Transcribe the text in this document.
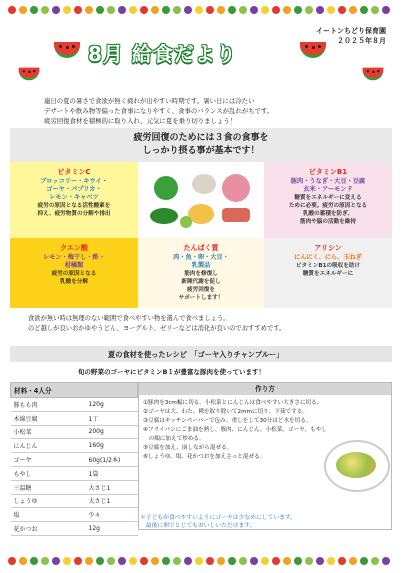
イートンちどり保育園
２０２５年８月
8月 給食だより
連日の夏の暑さで食欲が無く疲れが出やすい時期です。暑い日には冷たい
デザートや飲み物等偏った食事になりやすく、食事のバランスが乱れがちです。
疲労回復食材を積極的に取り入れ、元気に夏を乗り切りましょう！
疲労回復のためには３食の食事を
しっかり摂る事が基本です！
ビタミンC
ブロッコリー・キウイ・
ゴーヤ・パプリカ・
レモン・キャベツ
疲労の原因となる活性酸素を
抑え、疲労物質の分解や排出
ビタミンB1
豚肉・うなぎ・大豆・豆腐
玄米・アーモンド
糖質をエネルギーに変える
ために必要。疲労の原因となる
乳酸の蓄積を防ぎ、
筋肉や脳の活動を維持
クエン酸
レモン・梅干し・酢・
柑橘類
疲労の原因となる
乳酸を分解
たんぱく質
肉・魚・卵・大豆・
乳製品
筋肉を修復し
新陳代謝を促し
疲労回復を
サポートします！
アリシン
にんにく、にら、玉ねぎ
ビタミンB1の吸収を助け
糖質をエネルギーに
食欲が無い時は無理のない範囲で食べやすい物を選んで食べましょう。
のど越しが良いおかゆやうどん、ヨーグルト、ゼリーなどは消化が良いのでおすすめです。
夏の食材を使ったレシピ　「ゴーヤ入りチャンプルー」
旬の野菜のゴーヤにビタミンB１が豊富な豚肉を使っています！
材料・4人分	
豚もも肉	120g
木綿豆腐	1丁
小松菜	200g
にんじん	160g
ゴーヤ	60g(1/2本)
もやし	1袋
三温糖	大さじ1
しょうゆ	大さじ1
塩	少々
花かつお	12g
作り方
①豚肉を3cm幅に切る。小松菜とにんじんは食べやすい大きさに切る。
②ゴーヤは大、わた、種を取り除いて2mmに切り、下茹でする。
③豆腐はキッチンペーパーで包み、重しをして30分ほど水を切る。
④フライパンにごま油を熱し、豚肉、にんじん、小松菜、ゴーヤ、もやし
　の順に加えて炒める。
⑤豆腐を加え、崩しながら混ぜる。
⑥しょうゆ、塩、花かつおを加えさっと混ぜる。
＊子どもが食べやすいようにゴーヤは少なめにしています。
　最後に卵でとじてもおいしいただけます。
